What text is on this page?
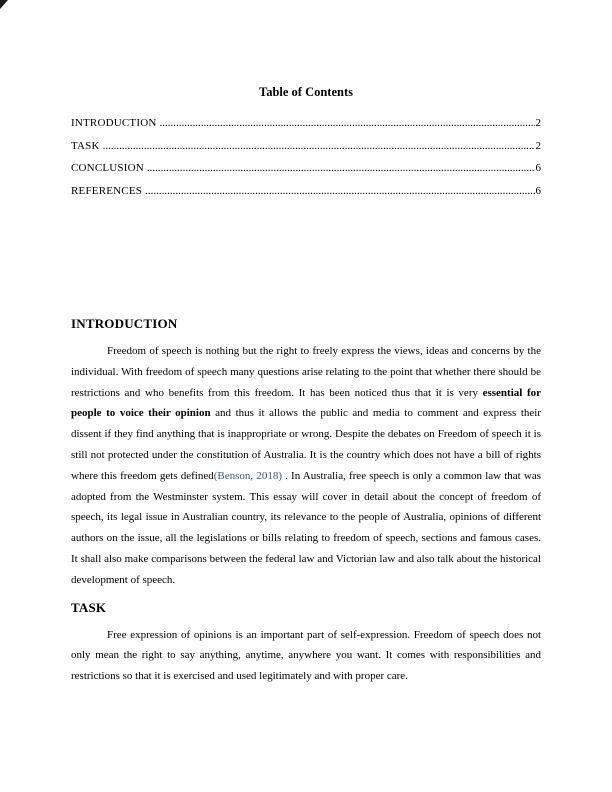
Table of Contents
INTRODUCTION .....	2
TASK .....	2
CONCLUSION .....	6
REFERENCES .....	6
INTRODUCTION

Freedom of speech is nothing but the right to freely express the views, ideas and concerns by the individual. With freedom of speech many questions arise relating to the point that whether there should be restrictions and who benefits from this freedom. It has been noticed thus that it is very essential for people to voice their opinion and thus it allows the public and media to comment and express their dissent if they find anything that is inappropriate or wrong. Despite the debates on Freedom of speech it is still not protected under the constitution of Australia. It is the country which does not have a bill of rights where this freedom gets defined(Benson, 2018) . In Australia, free speech is only a common law that was adopted from the Westminster system. This essay will cover in detail about the concept of freedom of speech, its legal issue in Australian country, its relevance to the people of Australia, opinions of different authors on the issue, all the legislations or bills relating to freedom of speech, sections and famous cases. It shall also make comparisons between the federal law and Victorian law and also talk about the historical development of speech.

TASK

Free expression of opinions is an important part of self-expression. Freedom of speech does not only mean the right to say anything, anytime, anywhere you want. It comes with responsibilities and restrictions so that it is exercised and used legitimately and with proper care.
